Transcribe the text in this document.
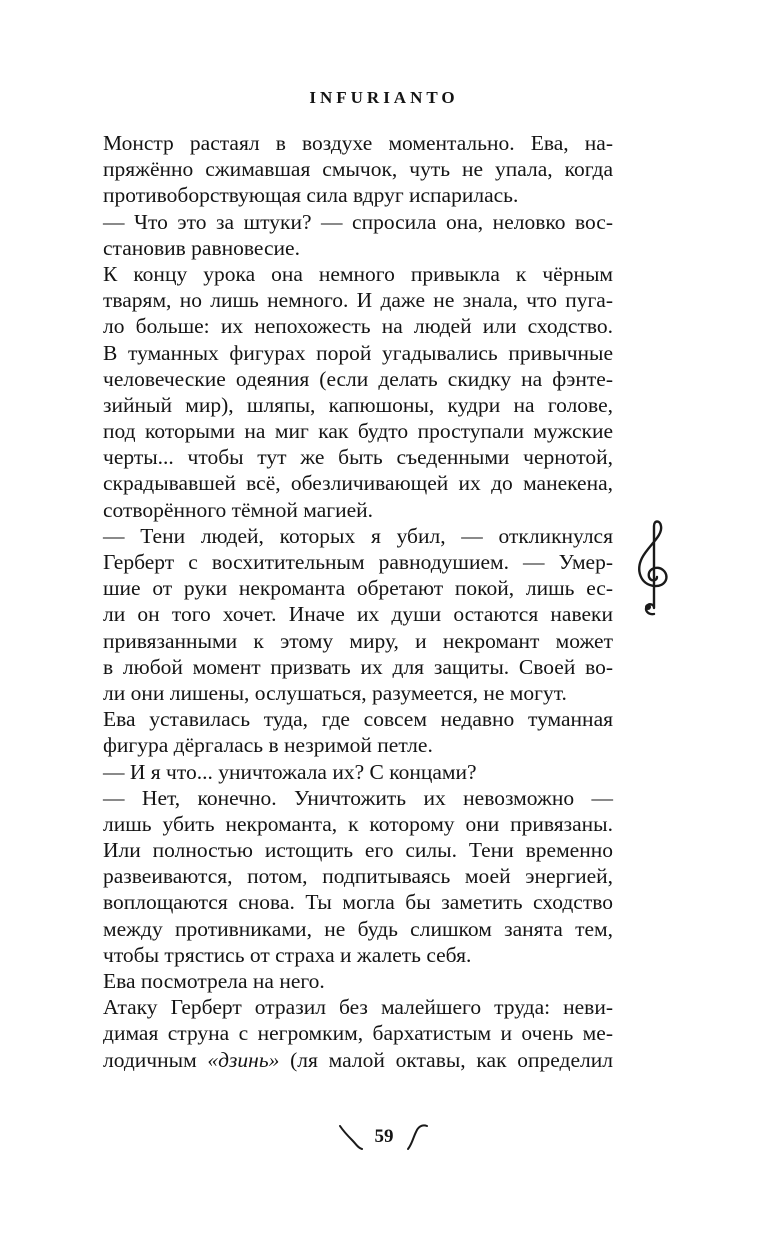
INFURIANTO
Монстр растаял в воздухе моментально. Ева, на-
пряжённо сжимавшая смычок, чуть не упала, когда
противоборствующая сила вдруг испарилась.
— Что это за штуки? — спросила она, неловко вос-
становив равновесие.
К концу урока она немного привыкла к чёрным
тварям, но лишь немного. И даже не знала, что пуга-
ло больше: их непохожесть на людей или сходство.
В туманных фигурах порой угадывались привычные
человеческие одеяния (если делать скидку на фэнте-
зийный мир), шляпы, капюшоны, кудри на голове,
под которыми на миг как будто проступали мужские
черты... чтобы тут же быть съеденными чернотой,
скрадывавшей всё, обезличивающей их до манекена,
сотворённого тёмной магией.
— Тени людей, которых я убил, — откликнулся
Герберт с восхитительным равнодушием. — Умер-
шие от руки некроманта обретают покой, лишь ес-
ли он того хочет. Иначе их души остаются навеки
привязанными к этому миру, и некромант может
в любой момент призвать их для защиты. Своей во-
ли они лишены, ослушаться, разумеется, не могут.
Ева уставилась туда, где совсем недавно туманная
фигура дёргалась в незримой петле.
— И я что... уничтожала их? С концами?
— Нет, конечно. Уничтожить их невозможно —
лишь убить некроманта, к которому они привязаны.
Или полностью истощить его силы. Тени временно
развеиваются, потом, подпитываясь моей энергией,
воплощаются снова. Ты могла бы заметить сходство
между противниками, не будь слишком занята тем,
чтобы трястись от страха и жалеть себя.
Ева посмотрела на него.
Атаку Герберт отразил без малейшего труда: неви-
димая струна с негромким, бархатистым и очень ме-
лодичным «дзинь» (ля малой октавы, как определил
59
